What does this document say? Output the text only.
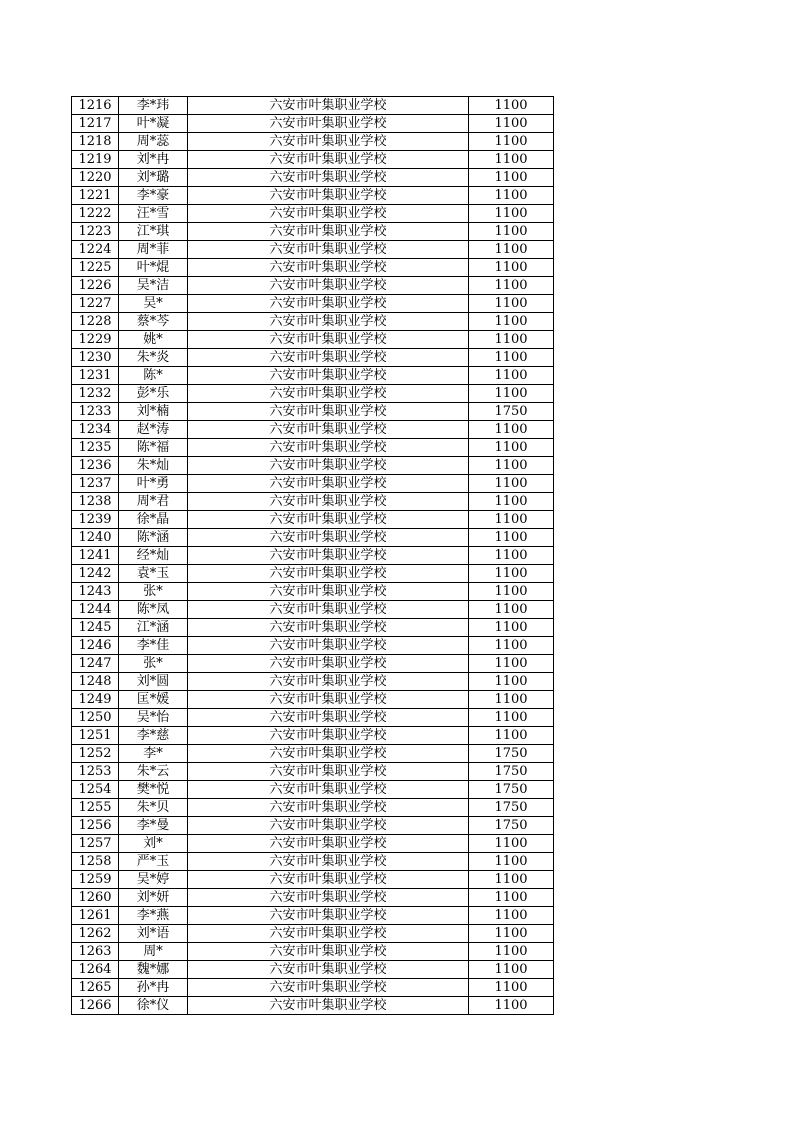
1216	李*玮	六安市叶集职业学校	1100
1217	叶*凝	六安市叶集职业学校	1100
1218	周*蕊	六安市叶集职业学校	1100
1219	刘*冉	六安市叶集职业学校	1100
1220	刘*璐	六安市叶集职业学校	1100
1221	李*豪	六安市叶集职业学校	1100
1222	汪*雪	六安市叶集职业学校	1100
1223	江*琪	六安市叶集职业学校	1100
1224	周*菲	六安市叶集职业学校	1100
1225	叶*焜	六安市叶集职业学校	1100
1226	吴*洁	六安市叶集职业学校	1100
1227	吴*	六安市叶集职业学校	1100
1228	蔡*芩	六安市叶集职业学校	1100
1229	姚*	六安市叶集职业学校	1100
1230	朱*炎	六安市叶集职业学校	1100
1231	陈*	六安市叶集职业学校	1100
1232	彭*乐	六安市叶集职业学校	1100
1233	刘*楠	六安市叶集职业学校	1750
1234	赵*涛	六安市叶集职业学校	1100
1235	陈*福	六安市叶集职业学校	1100
1236	朱*灿	六安市叶集职业学校	1100
1237	叶*勇	六安市叶集职业学校	1100
1238	周*君	六安市叶集职业学校	1100
1239	徐*晶	六安市叶集职业学校	1100
1240	陈*涵	六安市叶集职业学校	1100
1241	经*灿	六安市叶集职业学校	1100
1242	袁*玉	六安市叶集职业学校	1100
1243	张*	六安市叶集职业学校	1100
1244	陈*凤	六安市叶集职业学校	1100
1245	江*涵	六安市叶集职业学校	1100
1246	李*佳	六安市叶集职业学校	1100
1247	张*	六安市叶集职业学校	1100
1248	刘*圆	六安市叶集职业学校	1100
1249	匡*媛	六安市叶集职业学校	1100
1250	吴*怡	六安市叶集职业学校	1100
1251	李*慈	六安市叶集职业学校	1100
1252	李*	六安市叶集职业学校	1750
1253	朱*云	六安市叶集职业学校	1750
1254	樊*悦	六安市叶集职业学校	1750
1255	朱*贝	六安市叶集职业学校	1750
1256	李*曼	六安市叶集职业学校	1750
1257	刘*	六安市叶集职业学校	1100
1258	严*玉	六安市叶集职业学校	1100
1259	吴*婷	六安市叶集职业学校	1100
1260	刘*妍	六安市叶集职业学校	1100
1261	李*燕	六安市叶集职业学校	1100
1262	刘*语	六安市叶集职业学校	1100
1263	周*	六安市叶集职业学校	1100
1264	魏*娜	六安市叶集职业学校	1100
1265	孙*冉	六安市叶集职业学校	1100
1266	徐*仪	六安市叶集职业学校	1100
